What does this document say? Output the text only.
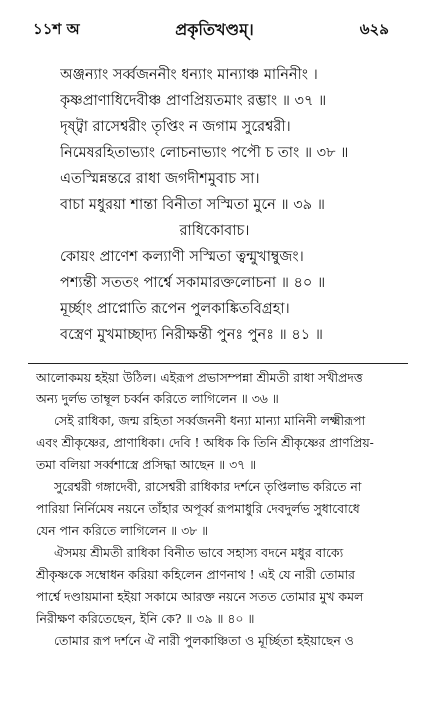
১১শ অ	প্রকৃতিখণ্ডম্।	৬২৯
অঞ্জন্যাং সর্ব্বজননীং ধন্যাং মান্যাঞ্চ মানিনীং ।
কৃষ্ণপ্রাণাধিদেবীঞ্চ প্রাণপ্রিয়তমাং রম্ভাং ॥ ৩৭ ॥
দৃষ্ট্বা রাসেশ্বরীং তৃপ্তিং ন জগাম সুরেশ্বরী।
নিমেষরহিতাভ্যাং লোচনাভ্যাং পপৌ চ তাং ॥ ৩৮ ॥
এতস্মিন্নন্তরে রাধা জগদীশমুবাচ সা।
বাচা মধুরয়া শান্তা বিনীতা সস্মিতা মুনে ॥ ৩৯ ॥
রাধিকোবাচ।
কোয়ং প্রাণেশ কল্যাণী সস্মিতা ত্বন্মুখাম্বুজং।
পশ্যন্তী সততং পার্শ্বে সকামারক্তলোচনা ॥ ৪০ ॥
মূর্চ্ছাং প্রাপ্নোতি রূপেন পুলকাঙ্কিতবিগ্রহা।
বস্ত্রেণ মুখমাচ্ছাদ্য নিরীক্ষন্তী পুনঃ পুনঃ ॥ ৪১ ॥
আলোকময় হইয়া উঠিল। এইরূপ প্রভাসম্পন্না শ্রীমতী রাধা সখীপ্রদত্ত
অন্য দুর্লভ তাম্বূল চর্ব্বন করিতে লাগিলেন ॥ ৩৬ ॥
সেই রাধিকা, জন্ম রহিতা সর্ব্বজননী ধন্যা মান্যা মানিনী লক্ষ্মীরূপা
এবং শ্রীকৃষ্ণের, প্রাণাধিকা। দেবি ! অধিক কি তিনি শ্রীকৃষ্ণের প্রাণপ্রিয়-
তমা বলিয়া সর্ব্বশাস্ত্রে প্রসিদ্ধা আছেন ॥ ৩৭ ॥
সুরেশ্বরী গঙ্গাদেবী, রাসেশ্বরী রাধিকার দর্শনে তৃপ্তিলাভ করিতে না
পারিয়া নির্নিমেষ নয়নে তাঁহার অপূর্ব্ব রূপমাধুরি দেবদুর্লভ সুধাবোধে
যেন পান করিতে লাগিলেন ॥ ৩৮ ॥
ঐসময় শ্রীমতী রাধিকা বিনীত ভাবে সহাস্য বদনে মধুর বাক্যে
শ্রীকৃষ্ণকে সম্বোধন করিয়া কহিলেন প্রাণনাথ ! এই যে নারী তোমার
পার্শ্বে দণ্ডায়মানা হইয়া সকামে আরক্ত নয়নে সতত তোমার মুখ কমল
নিরীক্ষণ করিতেছেন, ইনি কে? ॥ ৩৯ ॥ ৪০ ॥
তোমার রূপ দর্শনে ঐ নারী পুলকাঞ্চিতা ও মূর্চ্ছিতা হইয়াছেন ও
